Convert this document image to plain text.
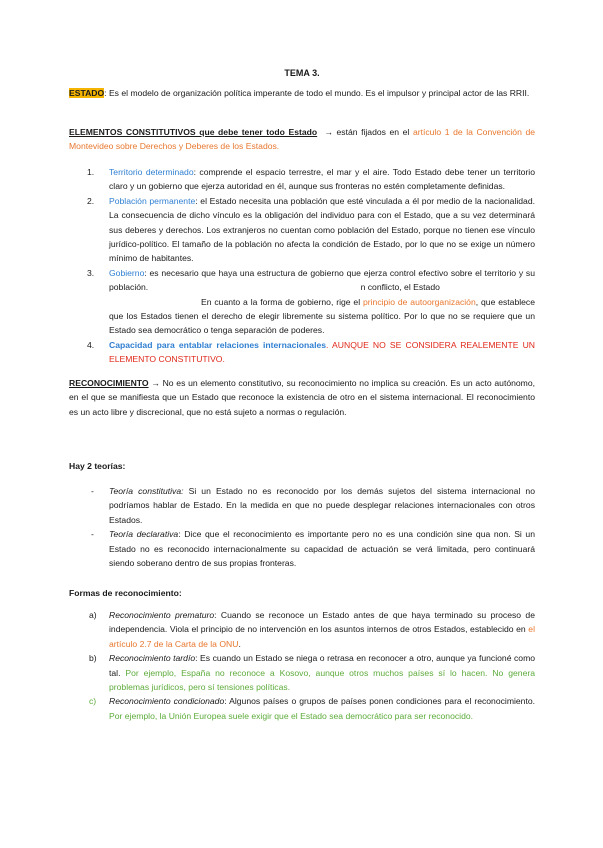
TEMA 3.
ESTADO: Es el modelo de organización política imperante de todo el mundo. Es el impulsor y principal actor de las RRII.
ELEMENTOS CONSTITUTIVOS que debe tener todo Estado → están fijados en el artículo 1 de la Convención de Montevideo sobre Derechos y Deberes de los Estados.
1. Territorio determinado: comprende el espacio terrestre, el mar y el aire. Todo Estado debe tener un territorio claro y un gobierno que ejerza autoridad en él, aunque sus fronteras no estén completamente definidas.
2. Población permanente: el Estado necesita una población que esté vinculada a él por medio de la nacionalidad. La consecuencia de dicho vínculo es la obligación del individuo para con el Estado, que a su vez determinará sus deberes y derechos. Los extranjeros no cuentan como población del Estado, porque no tienen ese vínculo jurídico-político. El tamaño de la población no afecta la condición de Estado, por lo que no se exige un número mínimo de habitantes.
3. Gobierno: es necesario que haya una estructura de gobierno que ejerza control efectivo sobre el territorio y su población.	n conflicto, el Estado
En cuanto a la forma de gobierno, rige el principio de autoorganización, que establece que los Estados tienen el derecho de elegir libremente su sistema político. Por lo que no se requiere que un Estado sea democrático o tenga separación de poderes.
4. Capacidad para entablar relaciones internacionales. AUNQUE NO SE CONSIDERA REALEMENTE UN ELEMENTO CONSTITUTIVO.
RECONOCIMIENTO → No es un elemento constitutivo, su reconocimiento no implica su creación. Es un acto autónomo, en el que se manifiesta que un Estado que reconoce la existencia de otro en el sistema internacional. El reconocimiento es un acto libre y discrecional, que no está sujeto a normas o regulación.
Hay 2 teorías:
- Teoría constitutiva: Si un Estado no es reconocido por los demás sujetos del sistema internacional no podríamos hablar de Estado. En la medida en que no puede desplegar relaciones internacionales con otros Estados.
- Teoría declarativa: Dice que el reconocimiento es importante pero no es una condición sine qua non. Si un Estado no es reconocido internacionalmente su capacidad de actuación se verá limitada, pero continuará siendo soberano dentro de sus propias fronteras.
Formas de reconocimiento:
a) Reconocimiento prematuro: Cuando se reconoce un Estado antes de que haya terminado su proceso de independencia. Viola el principio de no intervención en los asuntos internos de otros Estados, establecido en el artículo 2.7 de la Carta de la ONU.
b) Reconocimiento tardío: Es cuando un Estado se niega o retrasa en reconocer a otro, aunque ya funcioné como tal. Por ejemplo, España no reconoce a Kosovo, aunque otros muchos países sí lo hacen. No genera problemas jurídicos, pero sí tensiones políticas.
c) Reconocimiento condicionado: Algunos países o grupos de países ponen condiciones para el reconocimiento. Por ejemplo, la Unión Europea suele exigir que el Estado sea democrático para ser reconocido.
